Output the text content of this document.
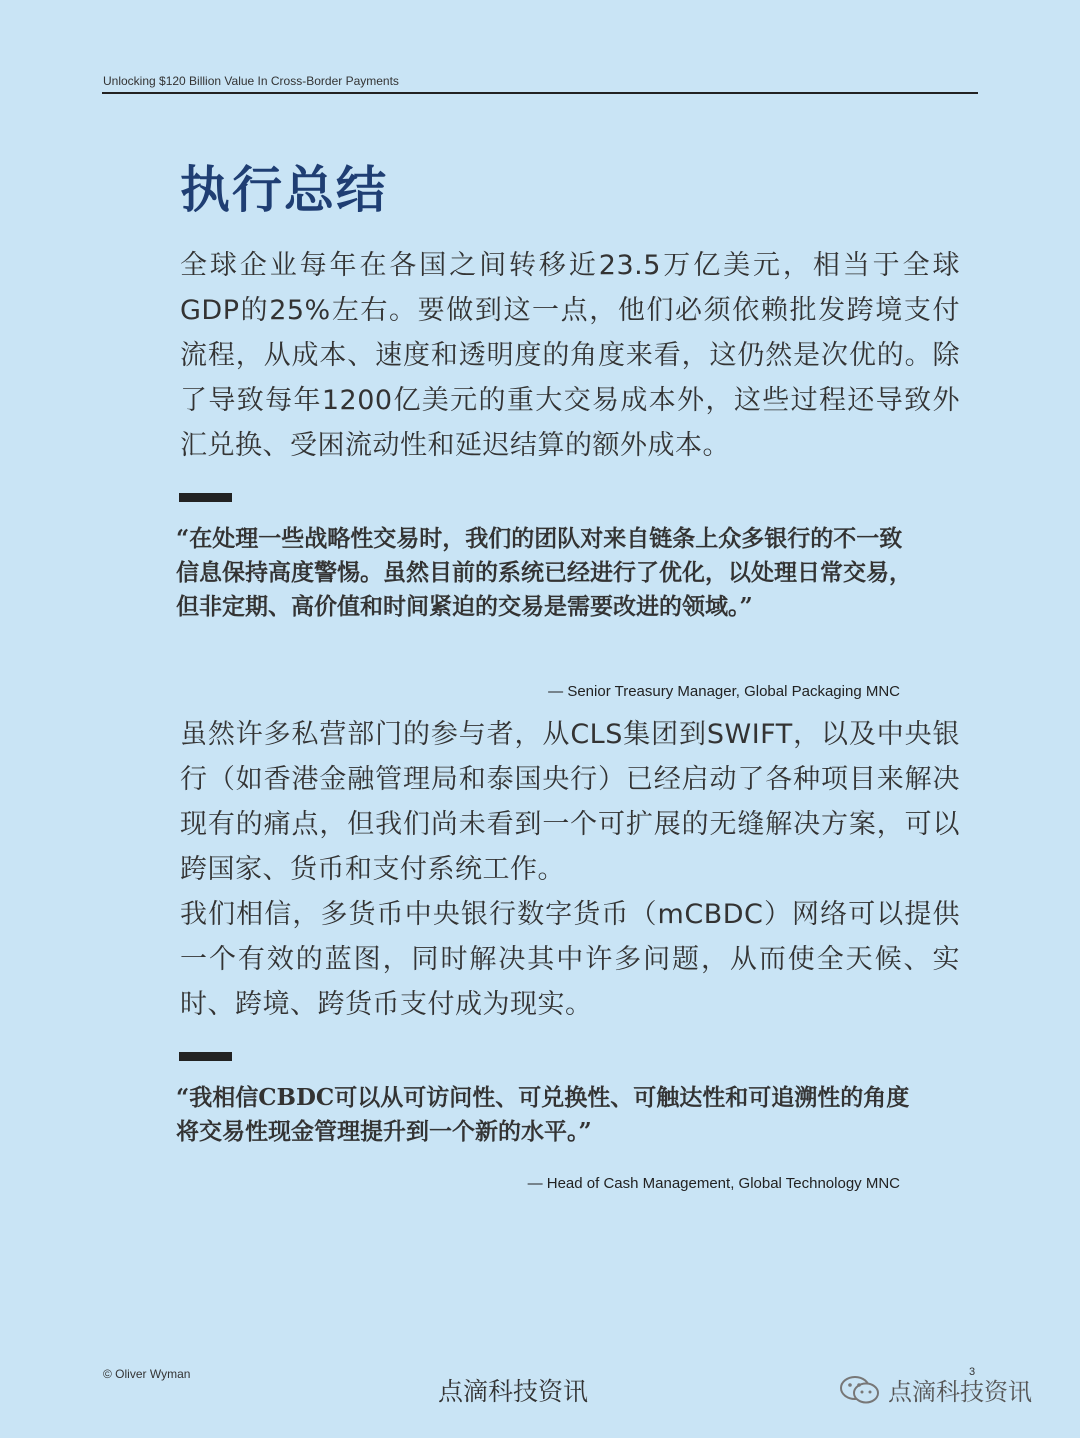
Unlocking $120 Billion Value In Cross-Border Payments
执行总结

全球企业每年在各国之间转移近23.5万亿美元，相当于全球GDP的25%左右。要做到这一点，他们必须依赖批发跨境支付流程，从成本、速度和透明度的角度来看，这仍然是次优的。除了导致每年1200亿美元的重大交易成本外，这些过程还导致外汇兑换、受困流动性和延迟结算的额外成本。

“在处理一些战略性交易时，我们的团队对来自链条上众多银行的不一致信息保持高度警惕。虽然目前的系统已经进行了优化，以处理日常交易，但非定期、高价值和时间紧迫的交易是需要改进的领域。”

— Senior Treasury Manager, Global Packaging MNC

虽然许多私营部门的参与者，从CLS集团到SWIFT，以及中央银行（如香港金融管理局和泰国央行）已经启动了各种项目来解决现有的痛点，但我们尚未看到一个可扩展的无缝解决方案，可以跨国家、货币和支付系统工作。

我们相信，多货币中央银行数字货币（mCBDC）网络可以提供一个有效的蓝图，同时解决其中许多问题，从而使全天候、实时、跨境、跨货币支付成为现实。

“我相信CBDC可以从可访问性、可兑换性、可触达性和可追溯性的角度将交易性现金管理提升到一个新的水平。”

— Head of Cash Management, Global Technology MNC
© Oliver Wyman	3
点滴科技资讯	点滴科技资讯
